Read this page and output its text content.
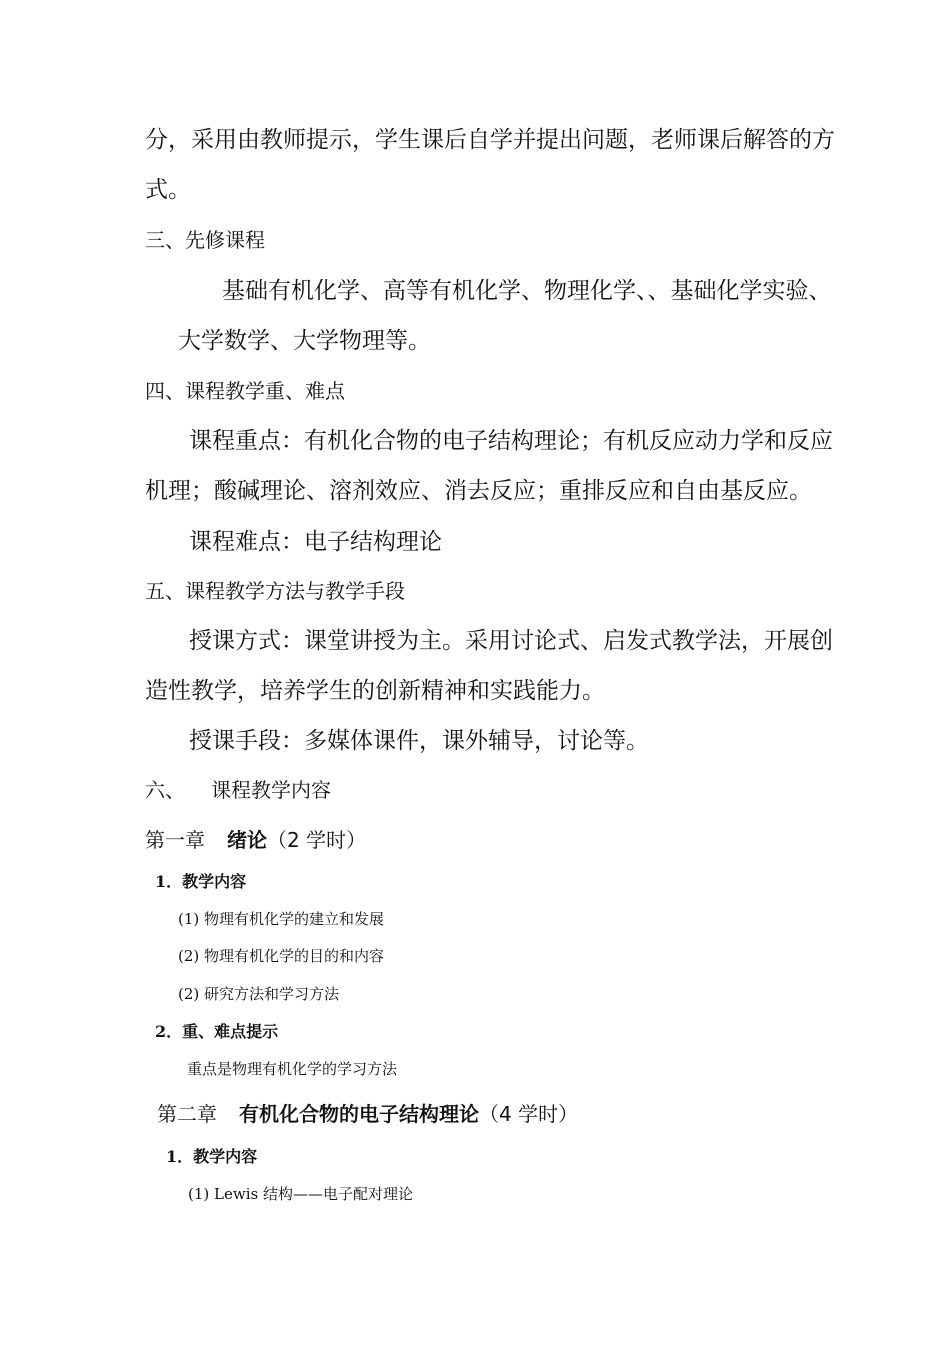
分，采用由教师提示，学生课后自学并提出问题，老师课后解答的方
式。
三、先修课程
基础有机化学、高等有机化学、物理化学、、基础化学实验、
大学数学、大学物理等。
四、课程教学重、难点
课程重点：有机化合物的电子结构理论；有机反应动力学和反应
机理；酸碱理论、溶剂效应、消去反应；重排反应和自由基反应。
课程难点：电子结构理论
五、课程教学方法与教学手段
授课方式：课堂讲授为主。采用讨论式、启发式教学法，开展创
造性教学，培养学生的创新精神和实践能力。
授课手段：多媒体课件，课外辅导，讨论等。
六、 课程教学内容
第一章 绪论（2 学时）
1．教学内容
(1) 物理有机化学的建立和发展
(2) 物理有机化学的目的和内容
(2) 研究方法和学习方法
2．重、难点提示
重点是物理有机化学的学习方法
第二章 有机化合物的电子结构理论（4 学时）
1．教学内容
(1) Lewis 结构——电子配对理论
